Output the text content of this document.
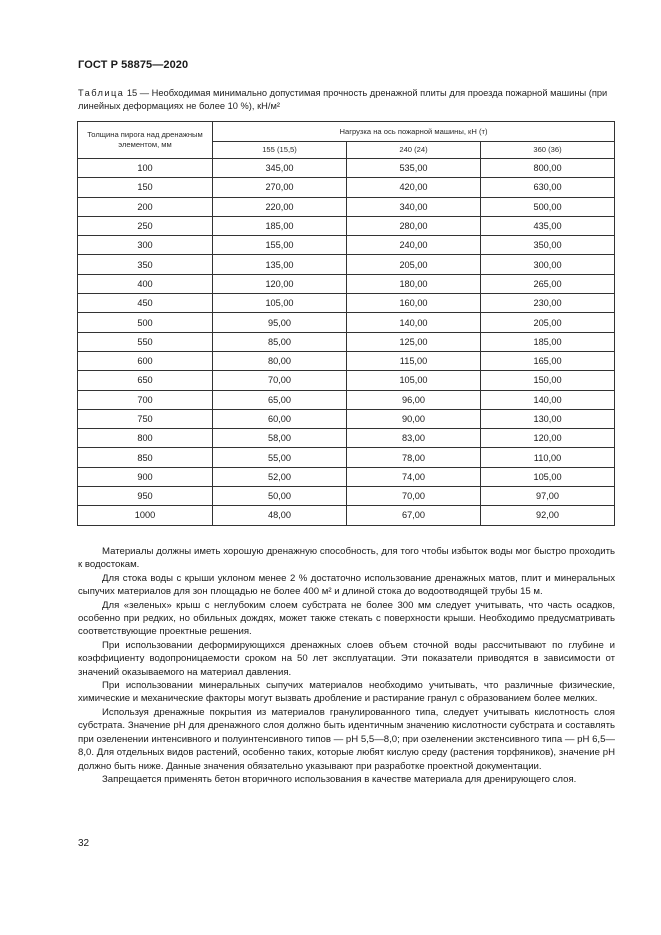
ГОСТ Р 58875—2020
Таблица 15 — Необходимая минимально допустимая прочность дренажной плиты для проезда пожарной машины (при линейных деформациях не более 10 %), кН/м²
Толщина пирога над дренажным элементом, мм	Нагрузка на ось пожарной машины, кН (т)		
	155 (15,5)	240 (24)	360 (36)
100	345,00	535,00	800,00
150	270,00	420,00	630,00
200	220,00	340,00	500,00
250	185,00	280,00	435,00
300	155,00	240,00	350,00
350	135,00	205,00	300,00
400	120,00	180,00	265,00
450	105,00	160,00	230,00
500	95,00	140,00	205,00
550	85,00	125,00	185,00
600	80,00	115,00	165,00
650	70,00	105,00	150,00
700	65,00	96,00	140,00
750	60,00	90,00	130,00
800	58,00	83,00	120,00
850	55,00	78,00	110,00
900	52,00	74,00	105,00
950	50,00	70,00	97,00
1000	48,00	67,00	92,00

Материалы должны иметь хорошую дренажную способность, для того чтобы избыток воды мог быстро проходить к водостокам.

Для стока воды с крыши уклоном менее 2 % достаточно использование дренажных матов, плит и минеральных сыпучих материалов для зон площадью не более 400 м² и длиной стока до водоотводящей трубы 15 м.

Для «зеленых» крыш с неглубоким слоем субстрата не более 300 мм следует учитывать, что часть осадков, особенно при редких, но обильных дождях, может также стекать с поверхности крыши. Необходимо предусматривать соответствующие проектные решения.

При использовании деформирующихся дренажных слоев объем сточной воды рассчитывают по глубине и коэффициенту водопроницаемости сроком на 50 лет эксплуатации. Эти показатели приводятся в зависимости от значений оказываемого на материал давления.

При использовании минеральных сыпучих материалов необходимо учитывать, что различные физические, химические и механические факторы могут вызвать дробление и растирание гранул с образованием более мелких.

Используя дренажные покрытия из материалов гранулированного типа, следует учитывать кислотность слоя субстрата. Значение pH для дренажного слоя должно быть идентичным значению кислотности субстрата и составлять при озеленении интенсивного и полуинтенсивного типов — pH 5,5—8,0; при озеленении экстенсивного типа — pH 6,5—8,0. Для отдельных видов растений, особенно таких, которые любят кислую среду (растения торфяников), значение pH должно быть ниже. Данные значения обязательно указывают при разработке проектной документации.

Запрещается применять бетон вторичного использования в качестве материала для дренирующего слоя.

32
